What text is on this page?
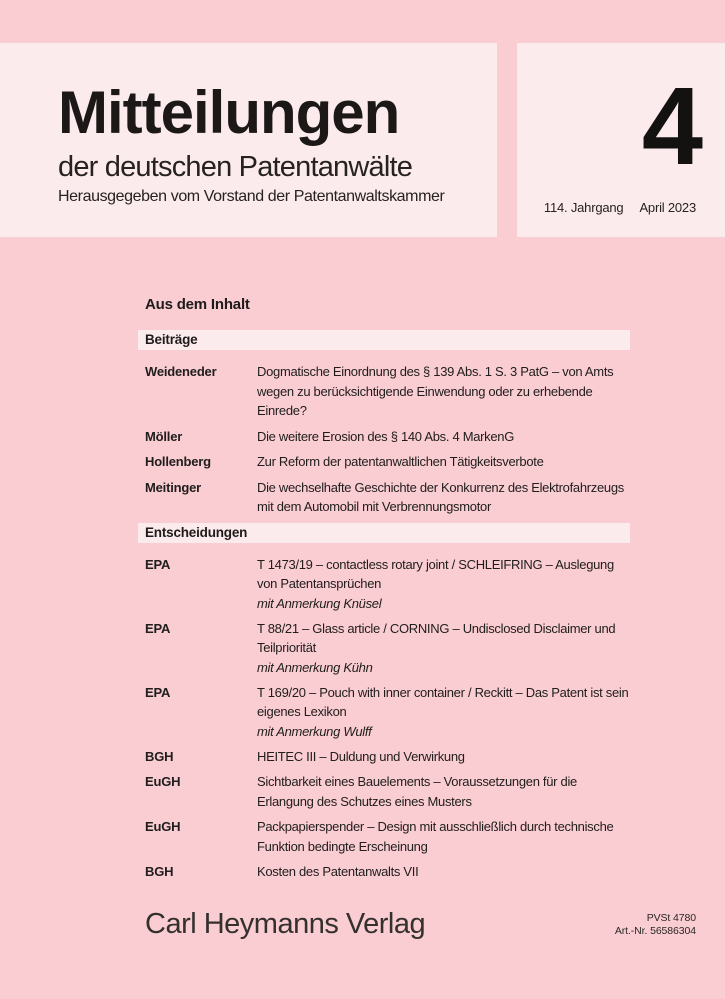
Mitteilungen
der deutschen Patentanwälte
Herausgegeben vom Vorstand der Patentanwaltskammer
4
114. Jahrgang April 2023
Aus dem Inhalt
Beiträge
Weideneder	Dogmatische Einordnung des § 139 Abs. 1 S. 3 PatG – von Amts wegen zu berücksichtigende Einwendung oder zu erhebende Einrede?
Möller	Die weitere Erosion des § 140 Abs. 4 MarkenG
Hollenberg	Zur Reform der patentanwaltlichen Tätigkeitsverbote
Meitinger	Die wechselhafte Geschichte der Konkurrenz des Elektrofahrzeugs mit dem Automobil mit Verbrennungsmotor
Entscheidungen
EPA	T 1473/19 – contactless rotary joint / SCHLEIFRING – Auslegung von Patentansprüchen
mit Anmerkung Knüsel
EPA	T 88/21 – Glass article / CORNING – Undisclosed Disclaimer und Teilpriorität
mit Anmerkung Kühn
EPA	T 169/20 – Pouch with inner container / Reckitt – Das Patent ist sein eigenes Lexikon
mit Anmerkung Wulff
BGH	HEITEC III – Duldung und Verwirkung
EuGH	Sichtbarkeit eines Bauelements – Voraussetzungen für die Erlangung des Schutzes eines Musters
EuGH	Packpapierspender – Design mit ausschließlich durch technische Funktion bedingte Erscheinung
BGH	Kosten des Patentanwalts VII
Carl Heymanns Verlag	PVSt 4780
Art.-Nr. 56586304
